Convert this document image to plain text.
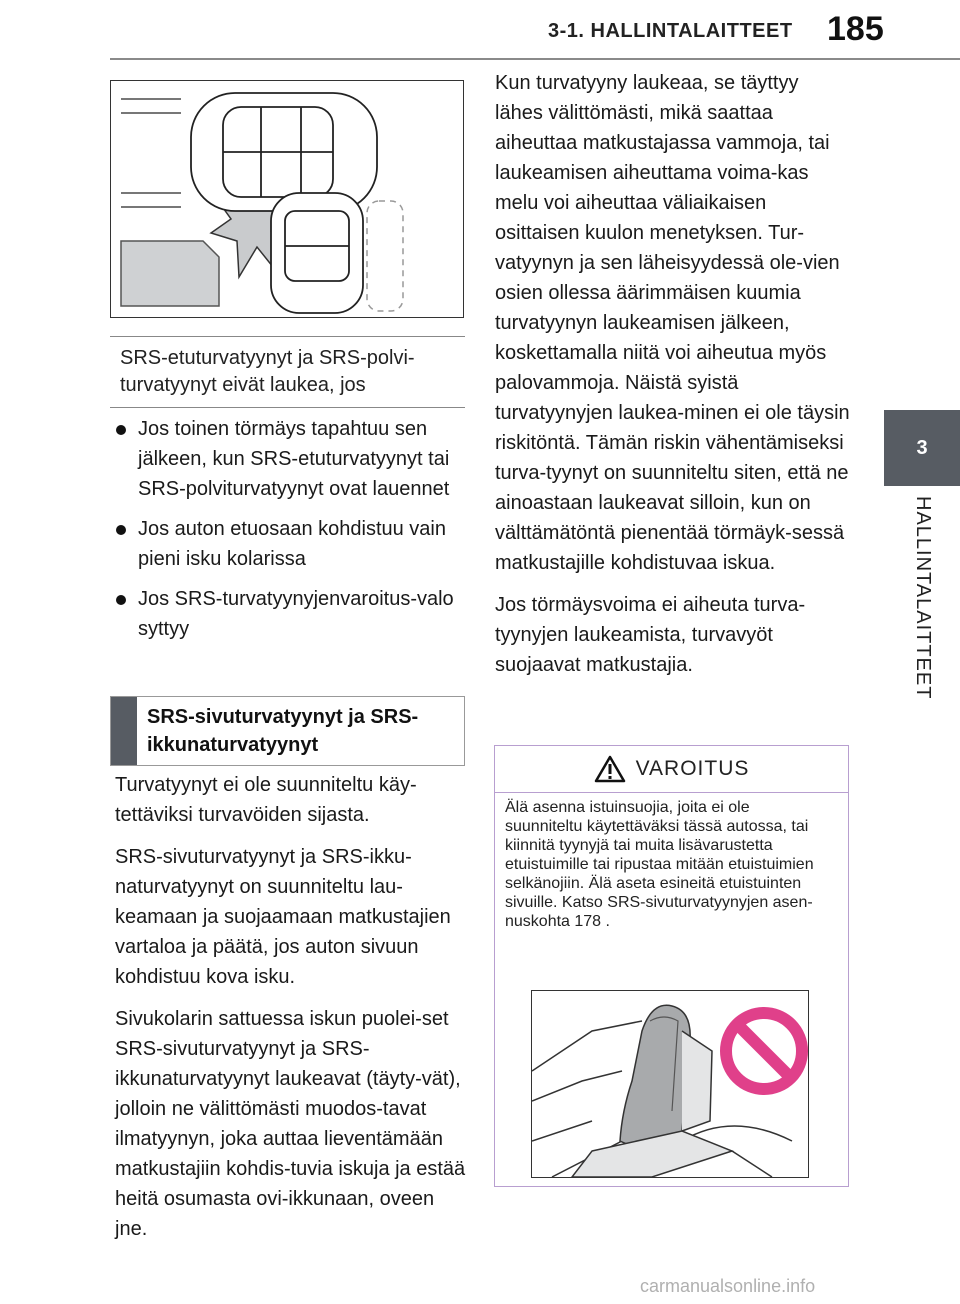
3-1. HALLINTALAITTEET 185
3
HALLINTALAITTEET
SRS-etuturvatyynyt ja SRS-polvi-turvatyynyt eivät laukea, jos
Jos toinen törmäys tapahtuu sen jälkeen, kun SRS-etuturvatyynyt tai SRS-polviturvatyynyt ovat lauennet
Jos auton etuosaan kohdistuu vain pieni isku kolarissa
Jos SRS-turvatyynyjenvaroitus-valo syttyy
SRS-sivuturvatyynyt ja SRS-ikkunaturvatyynyt

Turvatyynyt ei ole suunniteltu käy-tettäviksi turvavöiden sijasta.

SRS-sivuturvatyynyt ja SRS-ikku-naturvatyynyt on suunniteltu lau-keamaan ja suojaamaan matkustajien vartaloa ja päätä, jos auton sivuun kohdistuu kova isku.

Sivukolarin sattuessa iskun puolei-set SRS-sivuturvatyynyt ja SRS-ikkunaturvatyynyt laukeavat (täyty-vät), jolloin ne välittömästi muodos-tavat ilmatyynyn, joka auttaa lieventämään matkustajiin kohdis-tuvia iskuja ja estää heitä osumasta ovi-ikkunaan, oveen jne.

Kun turvatyyny laukeaa, se täyttyy lähes välittömästi, mikä saattaa aiheuttaa matkustajassa vammoja, tai laukeamisen aiheuttama voima-kas melu voi aiheuttaa väliaikaisen osittaisen kuulon menetyksen. Tur-vatyynyn ja sen läheisyydessä ole-vien osien ollessa äärimmäisen kuumia turvatyynyn laukeamisen jälkeen, koskettamalla niitä voi aiheutua myös palovammoja. Näistä syistä turvatyynyjen laukea-minen ei ole täysin riskitöntä. Tämän riskin vähentämiseksi turva-tyynyt on suunniteltu siten, että ne ainoastaan laukeavat silloin, kun on välttämätöntä pienentää törmäyk-sessä matkustajille kohdistuvaa iskua.

Jos törmäysvoima ei aiheuta turva-tyynyjen laukeamista, turvavyöt suojaavat matkustajia.

VAROITUS
Älä asenna istuinsuojia, joita ei ole suunniteltu käytettäväksi tässä autossa, tai kiinnitä tyynyjä tai muita lisävarustetta etuistuimille tai ripustaa mitään etuistuimien selkänojiin. Älä aseta esineitä etuistuinten sivuille. Katso SRS-sivuturvatyynyjen asen-nuskohta 178 .
carmanualsonline.info
